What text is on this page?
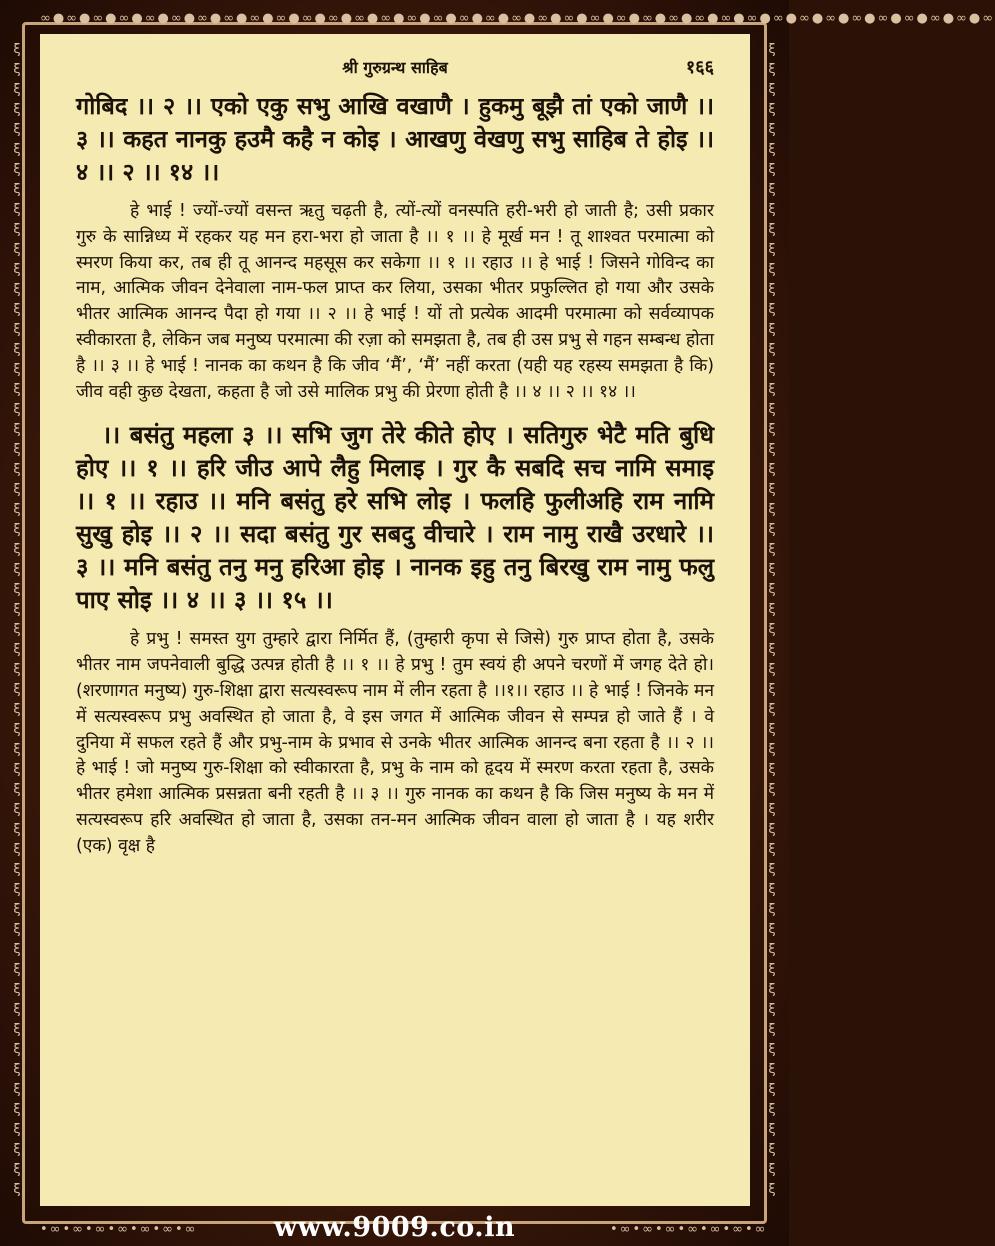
∞●∞●∞●∞●∞●∞●∞●∞●∞●∞●∞●∞●∞●∞●∞●∞●∞●∞●∞●∞●∞●∞●∞●∞●∞●∞●∞●∞●∞●∞●∞●∞●∞●∞●∞●∞●∞
ξ ξ ξ ξ ξ ξ ξ ξ ξ ξ ξ ξ ξ ξ ξ ξ ξ ξ ξ ξ ξ ξ ξ ξ ξ ξ ξ ξ ξ ξ ξ ξ ξ ξ ξ ξ ξ ξ ξ ξ ξ ξ ξ ξ ξ ξ ξ ξ ξ ξ ξ ξ ξ ξ ξ ξ ξ ξ
ξ ξ ξ ξ ξ ξ ξ ξ ξ ξ ξ ξ ξ ξ ξ ξ ξ ξ ξ ξ ξ ξ ξ ξ ξ ξ ξ ξ ξ ξ ξ ξ ξ ξ ξ ξ ξ ξ ξ ξ ξ ξ ξ ξ ξ ξ ξ ξ ξ ξ ξ ξ ξ ξ ξ ξ ξ ξ
श्री गुरुग्रन्थ साहिब	१६६

गोबिद ।। २ ।। एको एकु सभु आखि वखाणै । हुकमु बूझै तां एको जाणै ।। ३ ।। कहत नानकु हउमै कहै न कोइ । आखणु वेखणु सभु साहिब ते होइ ।। ४ ।। २ ।। १४ ।।

हे भाई ! ज्यों-ज्यों वसन्त ऋतु चढ़ती है, त्यों-त्यों वनस्पति हरी-भरी हो जाती है; उसी प्रकार गुरु के सान्निध्य में रहकर यह मन हरा-भरा हो जाता है ।। १ ।। हे मूर्ख मन ! तू शाश्वत परमात्मा को स्मरण किया कर, तब ही तू आनन्द महसूस कर सकेगा ।। १ ।। रहाउ ।। हे भाई ! जिसने गोविन्द का नाम, आत्मिक जीवन देनेवाला नाम-फल प्राप्त कर लिया, उसका भीतर प्रफुल्लित हो गया और उसके भीतर आत्मिक आनन्द पैदा हो गया ।। २ ।। हे भाई ! यों तो प्रत्येक आदमी परमात्मा को सर्वव्यापक स्वीकारता है, लेकिन जब मनुष्य परमात्मा की रज़ा को समझता है, तब ही उस प्रभु से गहन सम्बन्ध होता है ।। ३ ।। हे भाई ! नानक का कथन है कि जीव ‘मैं’, ‘मैं’ नहीं करता (यही यह रहस्य समझता है कि) जीव वही कुछ देखता, कहता है जो उसे मालिक प्रभु की प्रेरणा होती है ।। ४ ।। २ ।। १४ ।।

।। बसंतु महला ३ ।। सभि जुग तेरे कीते होए । सतिगुरु भेटै मति बुधि होए ।। १ ।। हरि जीउ आपे लैहु मिलाइ । गुर कै सबदि सच नामि समाइ ।। १ ।। रहाउ ।। मनि बसंतु हरे सभि लोइ । फलहि फुलीअहि राम नामि सुखु होइ ।। २ ।। सदा बसंतु गुर सबदु वीचारे । राम नामु राखै उरधारे ।। ३ ।। मनि बसंतु तनु मनु हरिआ होइ । नानक इहु तनु बिरखु राम नामु फलु पाए सोइ ।। ४ ।। ३ ।। १५ ।।

हे प्रभु ! समस्त युग तुम्हारे द्वारा निर्मित हैं, (तुम्हारी कृपा से जिसे) गुरु प्राप्त होता है, उसके भीतर नाम जपनेवाली बुद्धि उत्पन्न होती है ।। १ ।। हे प्रभु ! तुम स्वयं ही अपने चरणों में जगह देते हो। (शरणागत मनुष्य) गुरु-शिक्षा द्वारा सत्यस्वरूप नाम में लीन रहता है ।।१।। रहाउ ।। हे भाई ! जिनके मन में सत्यस्वरूप प्रभु अवस्थित हो जाता है, वे इस जगत में आत्मिक जीवन से सम्पन्न हो जाते हैं । वे दुनिया में सफल रहते हैं और प्रभु-नाम के प्रभाव से उनके भीतर आत्मिक आनन्द बना रहता है ।। २ ।। हे भाई ! जो मनुष्य गुरु-शिक्षा को स्वीकारता है, प्रभु के नाम को हृदय में स्मरण करता रहता है, उसके भीतर हमेशा आत्मिक प्रसन्नता बनी रहती है ।। ३ ।। गुरु नानक का कथन है कि जिस मनुष्य के मन में सत्यस्वरूप हरि अवस्थित हो जाता है, उसका तन-मन आत्मिक जीवन वाला हो जाता है । यह शरीर (एक) वृक्ष है

•∞•∞•∞•∞•∞•∞•∞	•∞•∞•∞•∞•∞•∞•∞
www.9009.co.in
